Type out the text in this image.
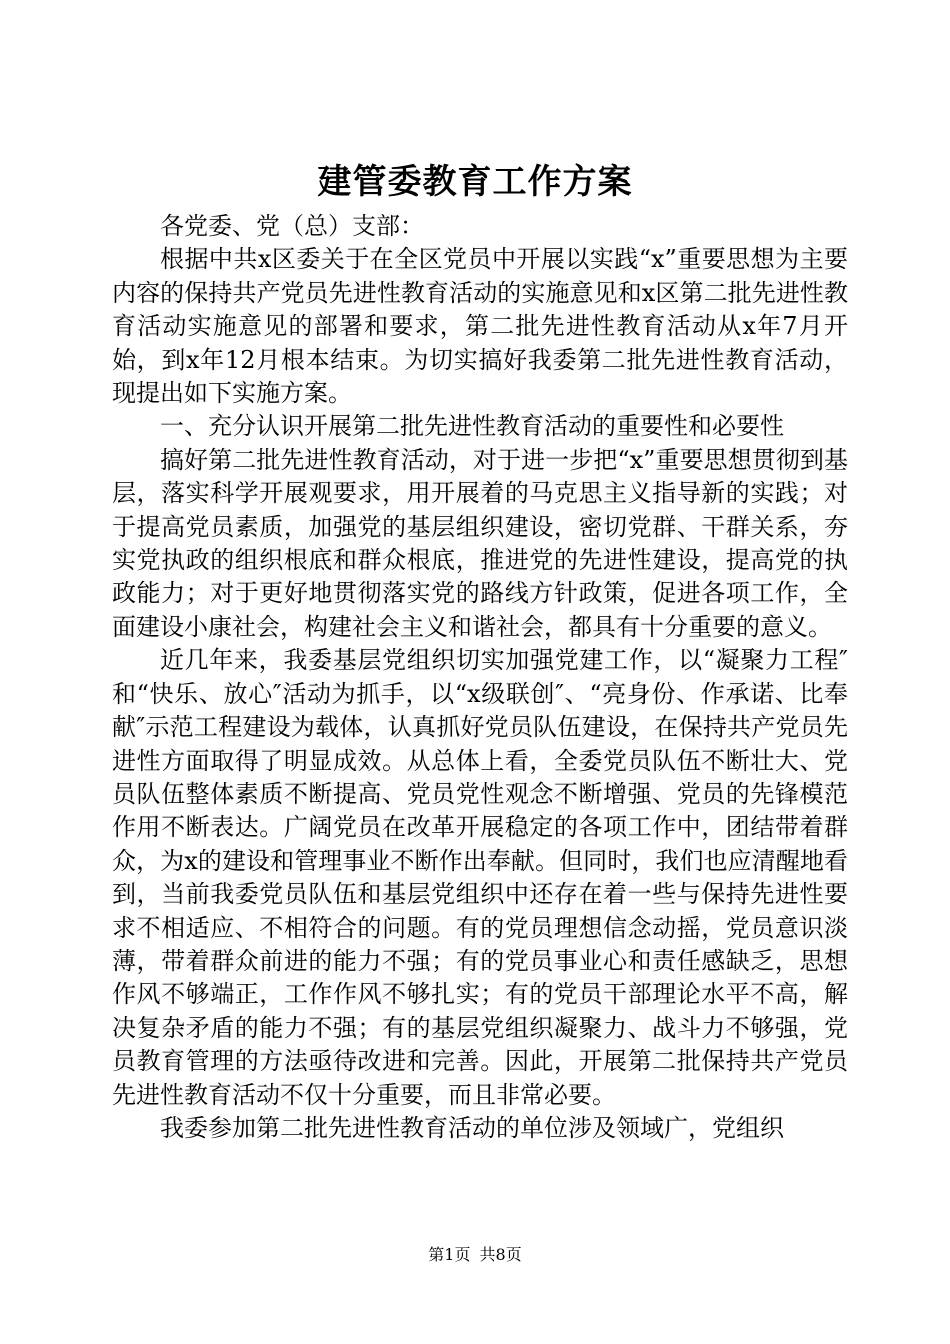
建管委教育工作方案

各党委、党（总）支部：

根据中共x区委关于在全区党员中开展以实践“x”重要思想为主要内容的保持共产党员先进性教育活动的实施意见和x区第二批先进性教育活动实施意见的部署和要求，第二批先进性教育活动从x年7月开始，到x年12月根本结束。为切实搞好我委第二批先进性教育活动，现提出如下实施方案。

一、充分认识开展第二批先进性教育活动的重要性和必要性

搞好第二批先进性教育活动，对于进一步把“x”重要思想贯彻到基层，落实科学开展观要求，用开展着的马克思主义指导新的实践；对于提高党员素质，加强党的基层组织建设，密切党群、干群关系，夯实党执政的组织根底和群众根底，推进党的先进性建设，提高党的执政能力；对于更好地贯彻落实党的路线方针政策，促进各项工作，全面建设小康社会，构建社会主义和谐社会，都具有十分重要的意义。

近几年来，我委基层党组织切实加强党建工作，以“凝聚力工程″和“快乐、放心″活动为抓手，以“x级联创″、“亮身份、作承诺、比奉献″示范工程建设为载体，认真抓好党员队伍建设，在保持共产党员先进性方面取得了明显成效。从总体上看，全委党员队伍不断壮大、党员队伍整体素质不断提高、党员党性观念不断增强、党员的先锋模范作用不断表达。广阔党员在改革开展稳定的各项工作中，团结带着群众，为x的建设和管理事业不断作出奉献。但同时，我们也应清醒地看到，当前我委党员队伍和基层党组织中还存在着一些与保持先进性要求不相适应、不相符合的问题。有的党员理想信念动摇，党员意识淡薄，带着群众前进的能力不强；有的党员事业心和责任感缺乏，思想作风不够端正，工作作风不够扎实；有的党员干部理论水平不高，解决复杂矛盾的能力不强；有的基层党组织凝聚力、战斗力不够强，党员教育管理的方法亟待改进和完善。因此，开展第二批保持共产党员先进性教育活动不仅十分重要，而且非常必要。

我委参加第二批先进性教育活动的单位涉及领域广，党组织

第1页 共8页
